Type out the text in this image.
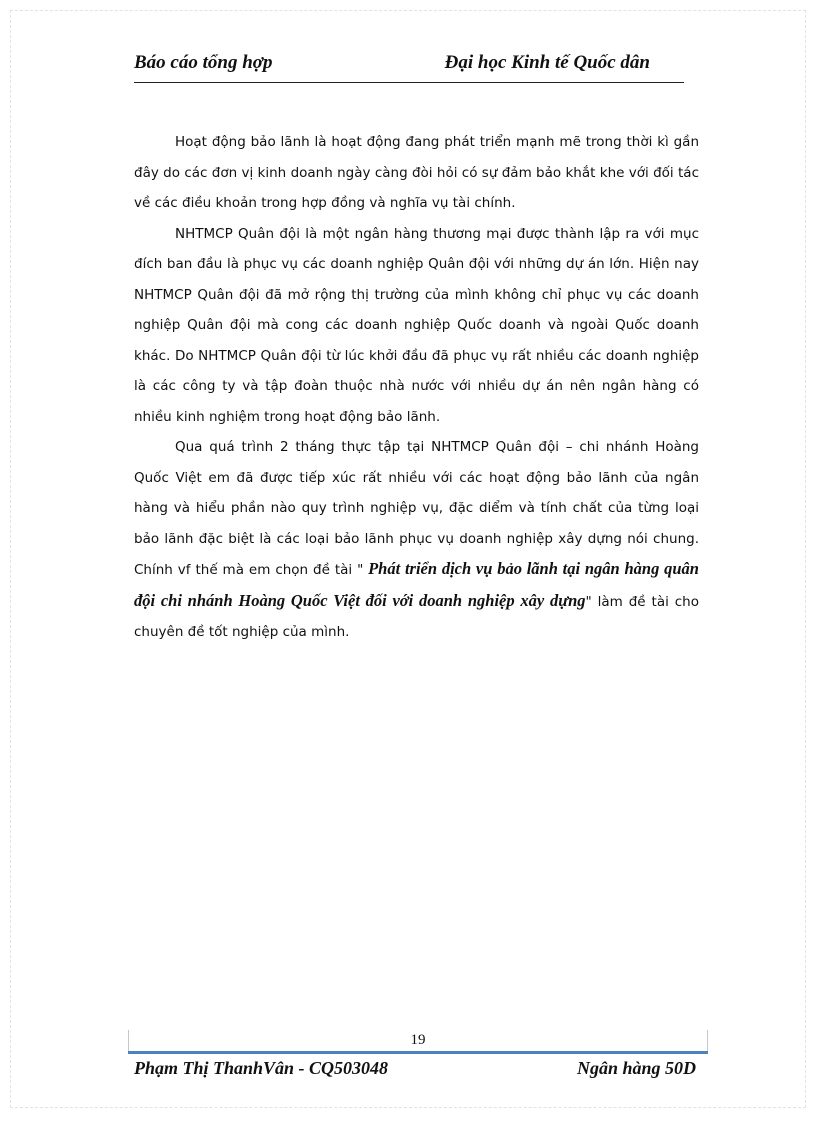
Báo cáo tổng hợp	Đại học Kinh tế Quốc dân

Hoạt động bảo lãnh là hoạt động đang phát triển mạnh mẽ trong thời kì gần đây do các đơn vị kinh doanh ngày càng đòi hỏi có sự đảm bảo khắt khe với đối tác về các điều khoản trong hợp đồng và nghĩa vụ tài chính.

NHTMCP Quân đội là một ngân hàng thương mại được thành lập ra với mục đích ban đầu là phục vụ các doanh nghiệp Quân đội với những dự án lớn. Hiện nay NHTMCP Quân đội đã mở rộng thị trường của mình không chỉ phục vụ các doanh nghiệp Quân đội mà cong các doanh nghiệp Quốc doanh và ngoài Quốc doanh khác. Do NHTMCP Quân đội từ lúc khởi đầu đã phục vụ rất nhiều các doanh nghiệp là các công ty và tập đoàn thuộc nhà nước với nhiều dự án nên ngân hàng có nhiều kinh nghiệm trong hoạt động bảo lãnh.

Qua quá trình 2 tháng thực tập tại NHTMCP Quân đội – chi nhánh Hoàng Quốc Việt em đã được tiếp xúc rất nhiều với các hoạt động bảo lãnh của ngân hàng và hiểu phần nào quy trình nghiệp vụ, đặc diểm và tính chất của từng loại bảo lãnh đặc biệt là các loại bảo lãnh phục vụ doanh nghiệp xây dựng nói chung. Chính vf thế mà em chọn đề tài " Phát triển dịch vụ bảo lãnh tại ngân hàng quân đội chi nhánh Hoàng Quốc Việt đối với doanh nghiệp xây dựng" làm đề tài cho chuyên đề tốt nghiệp của mình.

19
Phạm Thị ThanhVân - CQ503048	Ngân hàng 50D
